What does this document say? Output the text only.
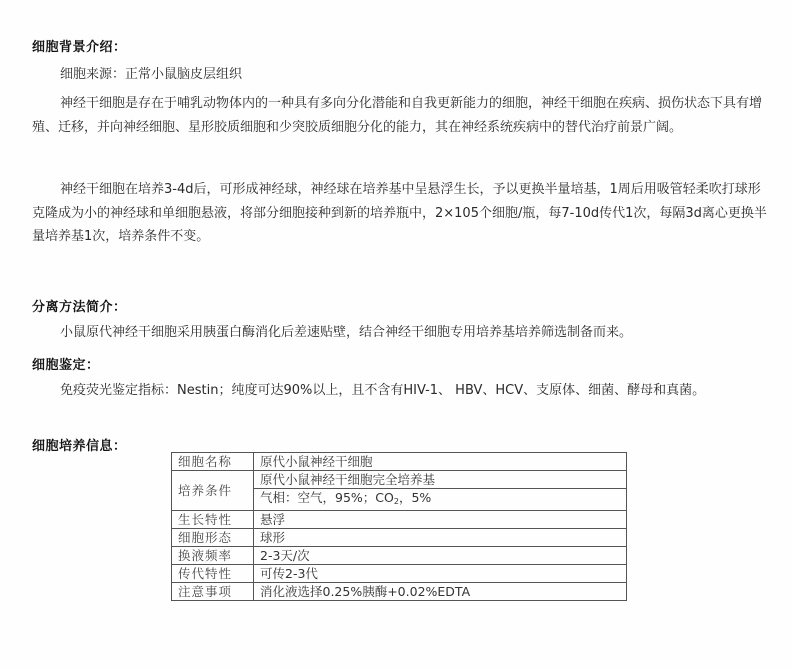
细胞背景介绍：

细胞来源：正常小鼠脑皮层组织

神经干细胞是存在于哺乳动物体内的一种具有多向分化潜能和自我更新能力的细胞，神经干细胞在疾病、损伤状态下具有增殖、迁移，并向神经细胞、星形胶质细胞和少突胶质细胞分化的能力，其在神经系统疾病中的替代治疗前景广阔。

神经干细胞在培养3-4d后，可形成神经球，神经球在培养基中呈悬浮生长，予以更换半量培基，1周后用吸管轻柔吹打球形克隆成为小的神经球和单细胞悬液，将部分细胞接种到新的培养瓶中，2×105个细胞/瓶，每7-10d传代1次，每隔3d离心更换半量培养基1次，培养条件不变。

分离方法简介：

小鼠原代神经干细胞采用胰蛋白酶消化后差速贴壁，结合神经干细胞专用培养基培养筛选制备而来。

细胞鉴定：

免疫荧光鉴定指标：Nestin；纯度可达90%以上，且不含有HIV-1、 HBV、HCV、支原体、细菌、酵母和真菌。

细胞培养信息：
细胞名称	原代小鼠神经干细胞
培养条件	原代小鼠神经干细胞完全培养基
	气相：空气，95%；$CO_2$，5%
生长特性	悬浮
细胞形态	球形
换液频率	2-3天/次
传代特性	可传2-3代
注意事项	消化液选择0.25%胰酶+0.02%EDTA
